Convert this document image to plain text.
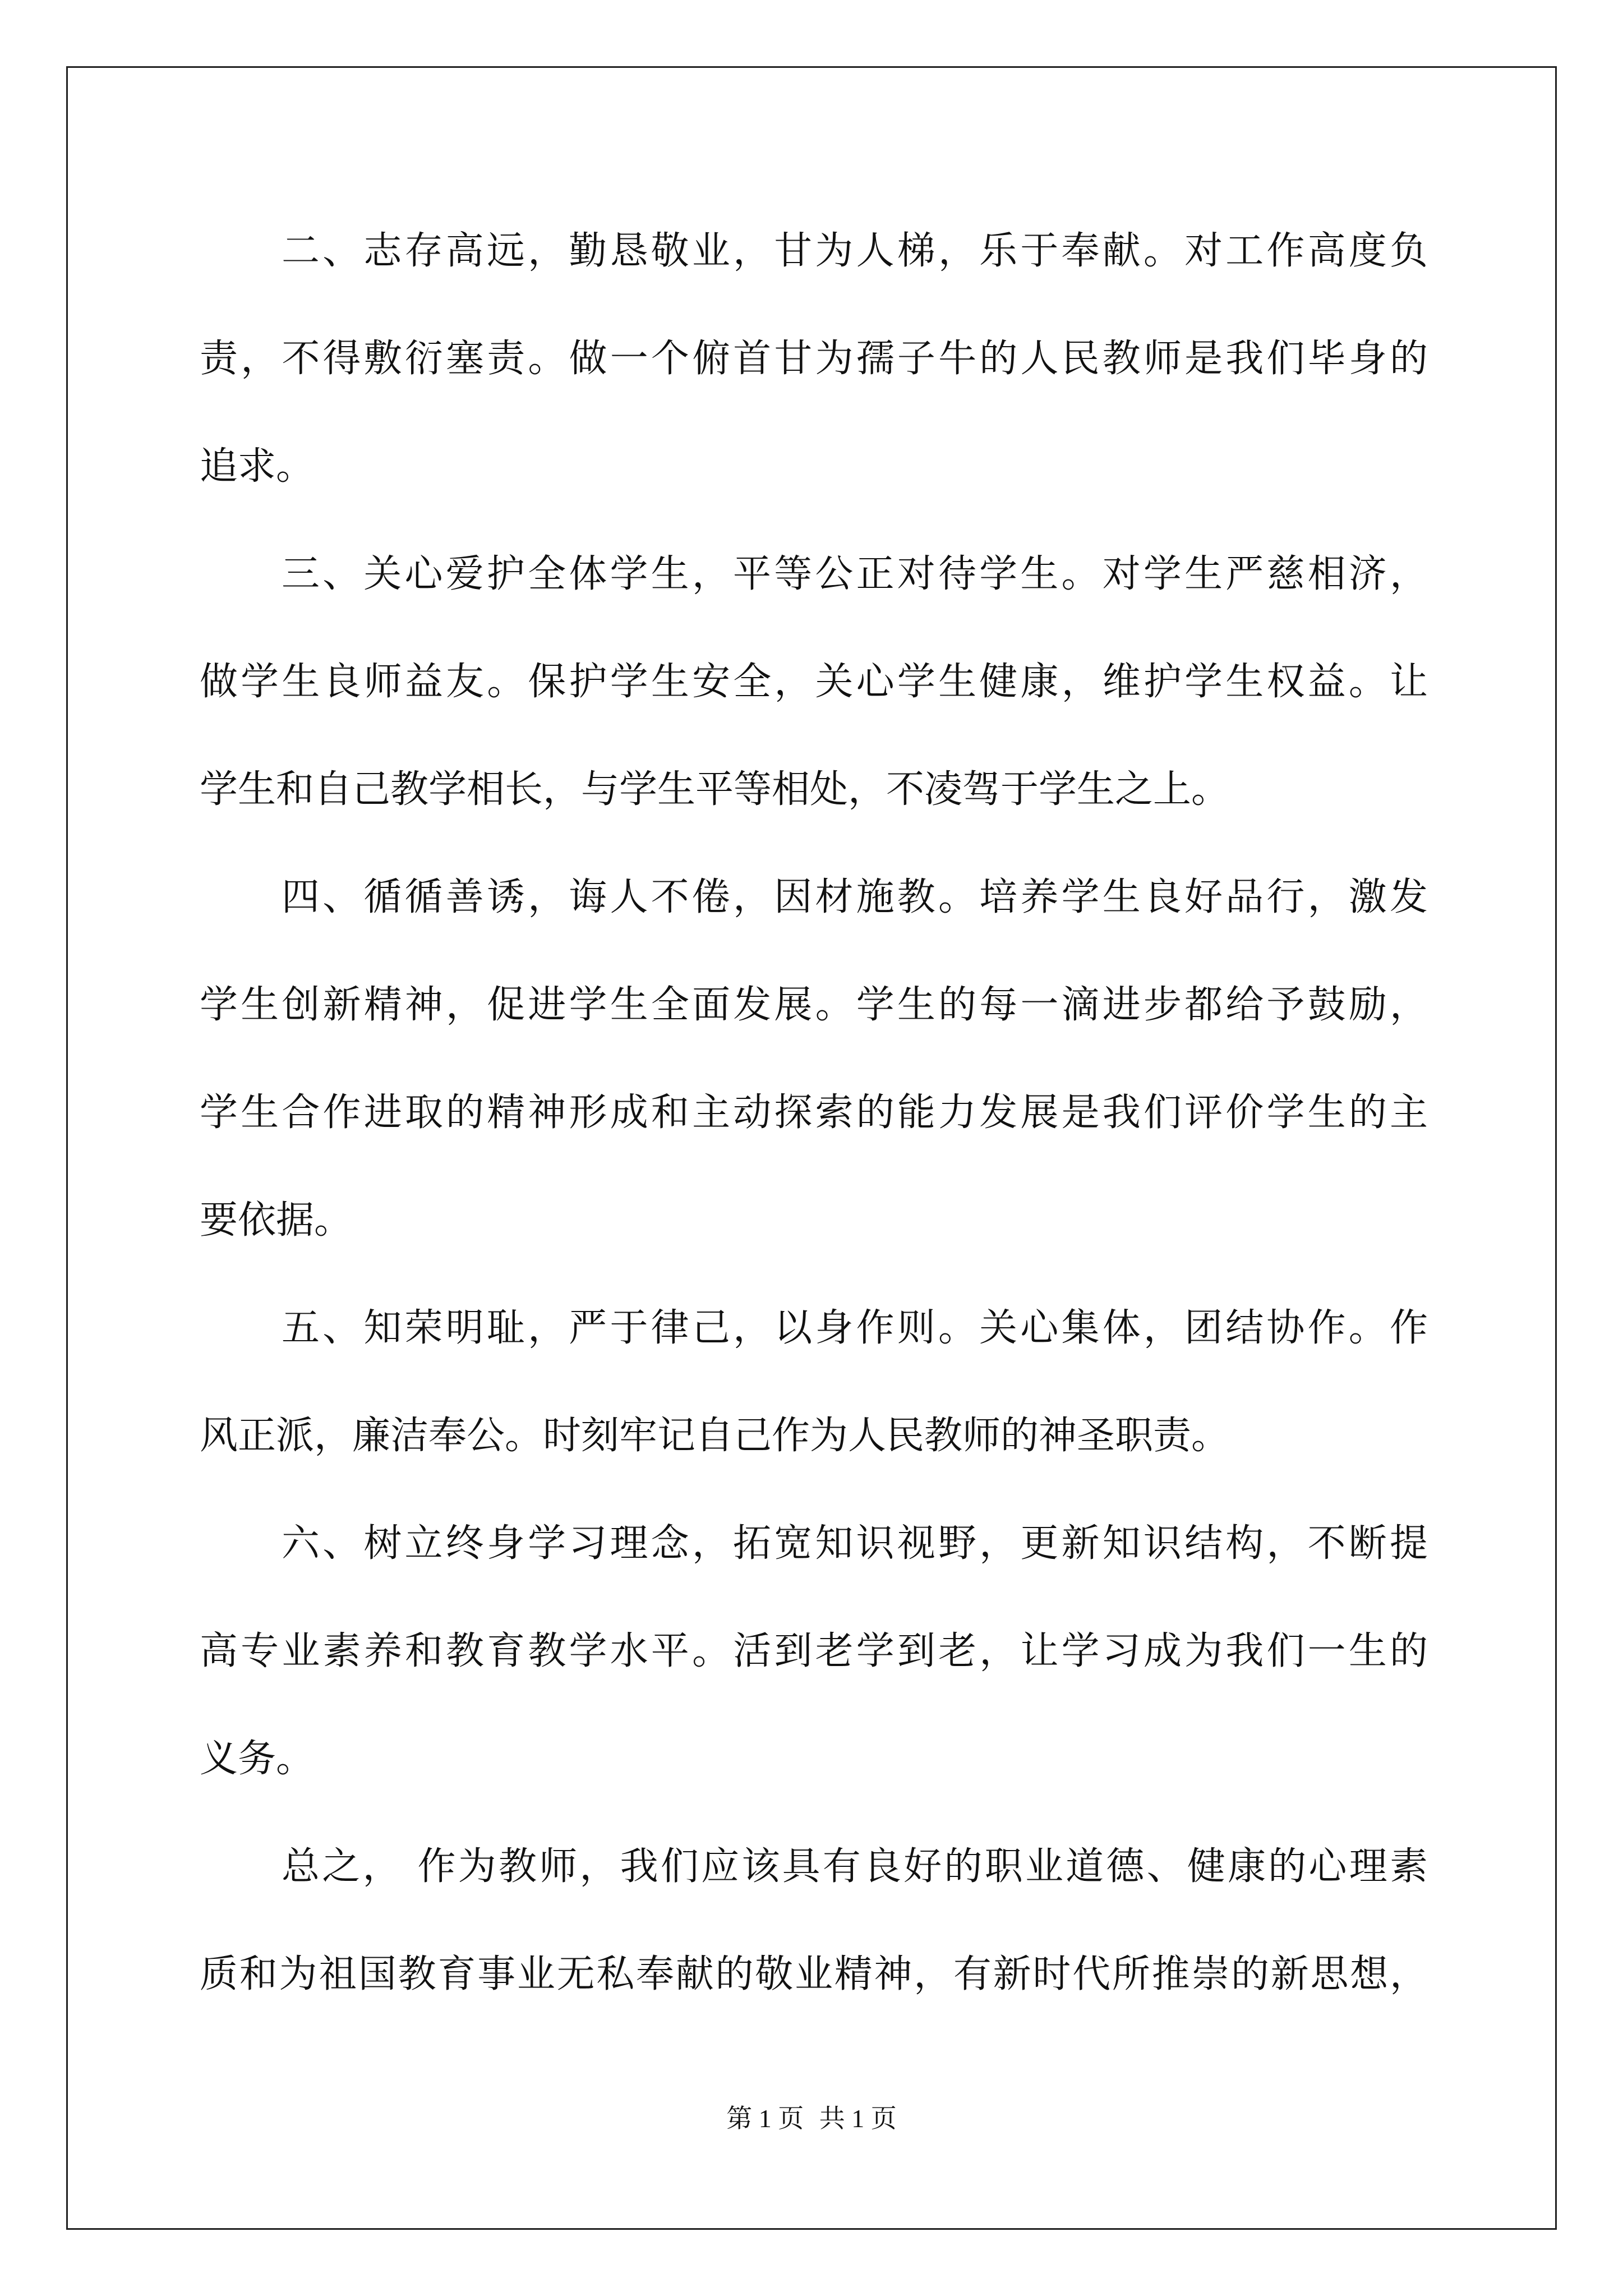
二、志存高远，勤恳敬业，甘为人梯，乐于奉献。对工作高度负
责，不得敷衍塞责。做一个俯首甘为孺子牛的人民教师是我们毕身的
追求。
三、关心爱护全体学生，平等公正对待学生。对学生严慈相济，
做学生良师益友。保护学生安全，关心学生健康，维护学生权益。让
学生和自己教学相长，与学生平等相处，不凌驾于学生之上。
四、循循善诱，诲人不倦，因材施教。培养学生良好品行，激发
学生创新精神，促进学生全面发展。学生的每一滴进步都给予鼓励，
学生合作进取的精神形成和主动探索的能力发展是我们评价学生的主
要依据。
五、知荣明耻，严于律己，以身作则。关心集体，团结协作。作
风正派，廉洁奉公。时刻牢记自己作为人民教师的神圣职责。
六、树立终身学习理念，拓宽知识视野，更新知识结构，不断提
高专业素养和教育教学水平。活到老学到老，让学习成为我们一生的
义务。
总之， 作为教师，我们应该具有良好的职业道德、健康的心理素
质和为祖国教育事业无私奉献的敬业精神，有新时代所推崇的新思想，
第 1 页 共 1 页
